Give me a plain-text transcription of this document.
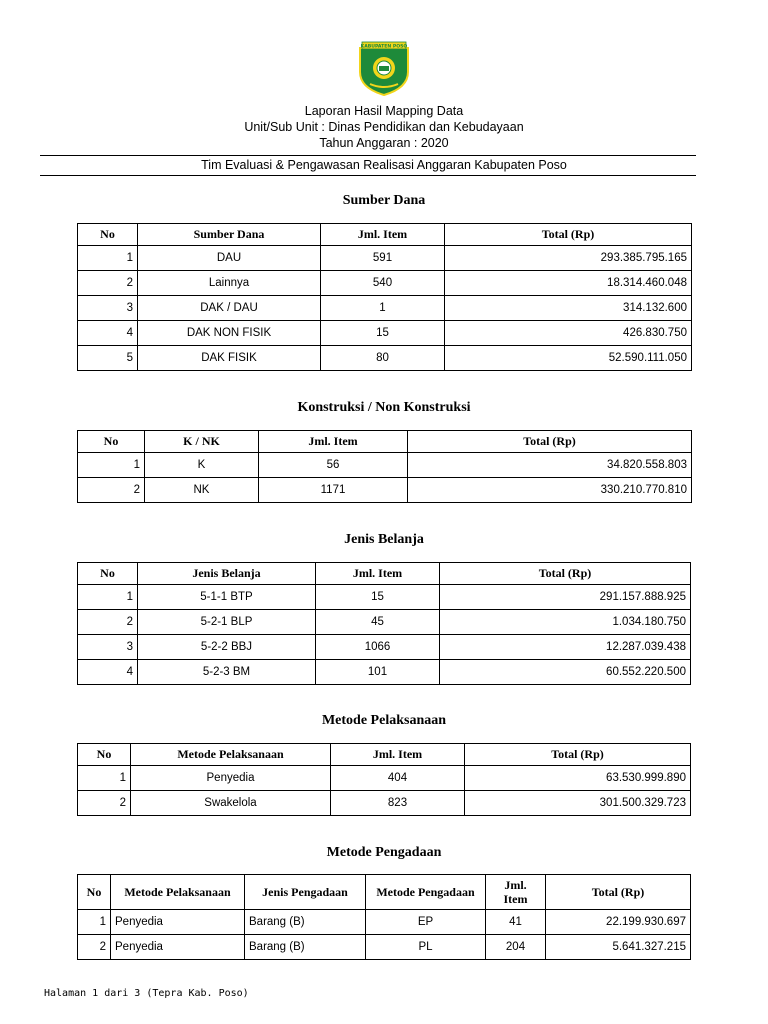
KABUPATEN POSO
Laporan Hasil Mapping Data
Unit/Sub Unit : Dinas Pendidikan dan Kebudayaan
Tahun Anggaran : 2020
Tim Evaluasi & Pengawasan Realisasi Anggaran Kabupaten Poso
Sumber Dana
No	Sumber Dana	Jml. Item	Total (Rp)
1	DAU	591	293.385.795.165
2	Lainnya	540	18.314.460.048
3	DAK / DAU	1	314.132.600
4	DAK NON FISIK	15	426.830.750
5	DAK FISIK	80	52.590.111.050
Konstruksi / Non Konstruksi
No	K / NK	Jml. Item	Total (Rp)
1	K	56	34.820.558.803
2	NK	1171	330.210.770.810
Jenis Belanja
No	Jenis Belanja	Jml. Item	Total (Rp)
1	5-1-1 BTP	15	291.157.888.925
2	5-2-1 BLP	45	1.034.180.750
3	5-2-2 BBJ	1066	12.287.039.438
4	5-2-3 BM	101	60.552.220.500
Metode Pelaksanaan
No	Metode Pelaksanaan	Jml. Item	Total (Rp)
1	Penyedia	404	63.530.999.890
2	Swakelola	823	301.500.329.723
Metode Pengadaan
No	Metode Pelaksanaan	Jenis Pengadaan	Metode Pengadaan	Jml. Item	Total (Rp)
1	Penyedia	Barang (B)	EP	41	22.199.930.697
2	Penyedia	Barang (B)	PL	204	5.641.327.215
Halaman 1 dari 3 (Tepra Kab. Poso)
